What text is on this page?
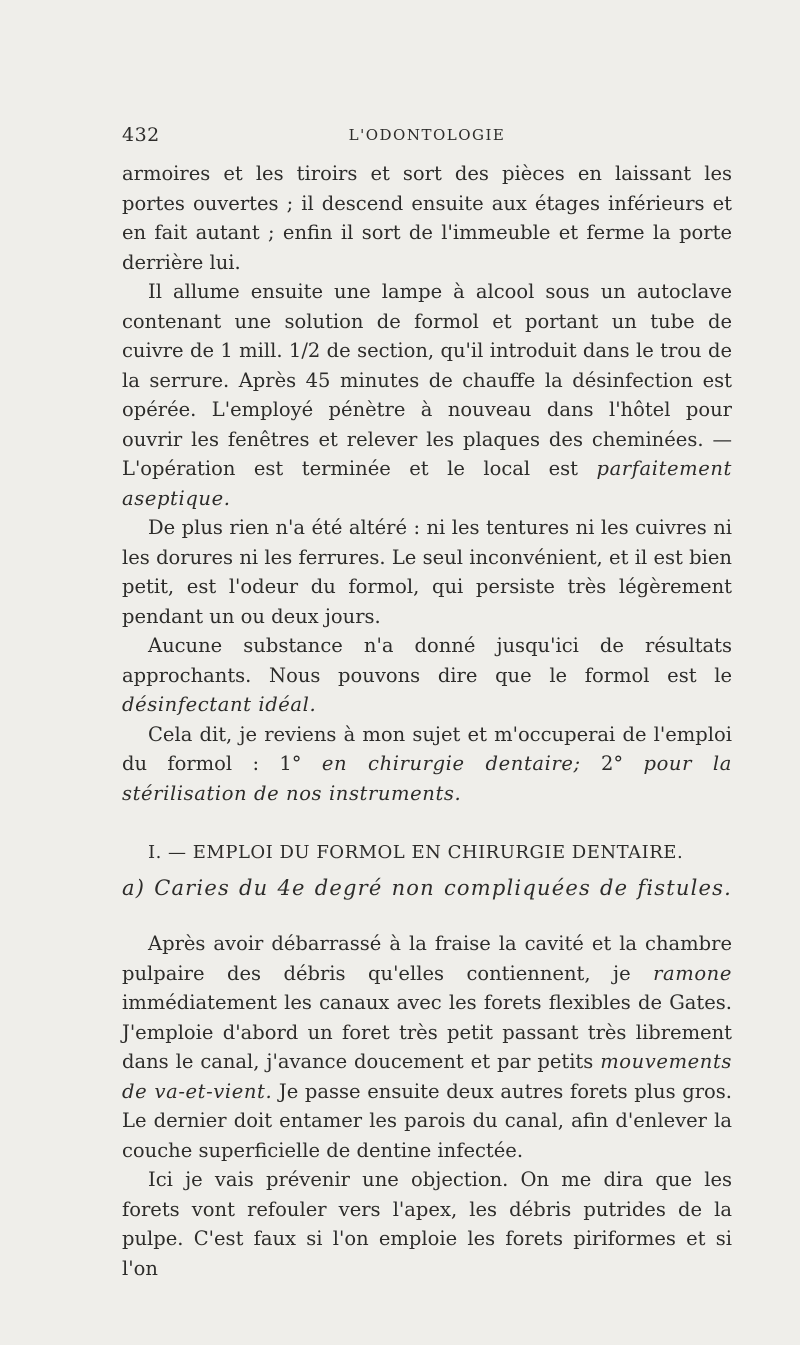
432	L'ODONTOLOGIE

armoires et les tiroirs et sort des pièces en laissant les portes ouvertes ; il descend ensuite aux étages inférieurs et en fait autant ; enfin il sort de l'immeuble et ferme la porte derrière lui.

Il allume ensuite une lampe à alcool sous un autoclave contenant une solution de formol et portant un tube de cuivre de 1 mill. 1/2 de section, qu'il introduit dans le trou de la serrure. Après 45 minutes de chauffe la désinfection est opérée. L'employé pénètre à nouveau dans l'hôtel pour ouvrir les fenêtres et relever les plaques des cheminées. — L'opération est terminée et le local est parfaitement aseptique.

De plus rien n'a été altéré : ni les tentures ni les cuivres ni les dorures ni les ferrures. Le seul inconvénient, et il est bien petit, est l'odeur du formol, qui persiste très légèrement pendant un ou deux jours.

Aucune substance n'a donné jusqu'ici de résultats approchants. Nous pouvons dire que le formol est le désinfectant idéal.

Cela dit, je reviens à mon sujet et m'occuperai de l'emploi du formol : 1° en chirurgie dentaire; 2° pour la stérilisation de nos instruments.

I. — EMPLOI DU FORMOL EN CHIRURGIE DENTAIRE.
a) Caries du 4e degré non compliquées de fistules.

Après avoir débarrassé à la fraise la cavité et la chambre pulpaire des débris qu'elles contiennent, je ramone immédiatement les canaux avec les forets flexibles de Gates. J'emploie d'abord un foret très petit passant très librement dans le canal, j'avance doucement et par petits mouvements de va-et-vient. Je passe ensuite deux autres forets plus gros. Le dernier doit entamer les parois du canal, afin d'enlever la couche superficielle de dentine infectée.

Ici je vais prévenir une objection. On me dira que les forets vont refouler vers l'apex, les débris putrides de la pulpe. C'est faux si l'on emploie les forets piriformes et si l'on
